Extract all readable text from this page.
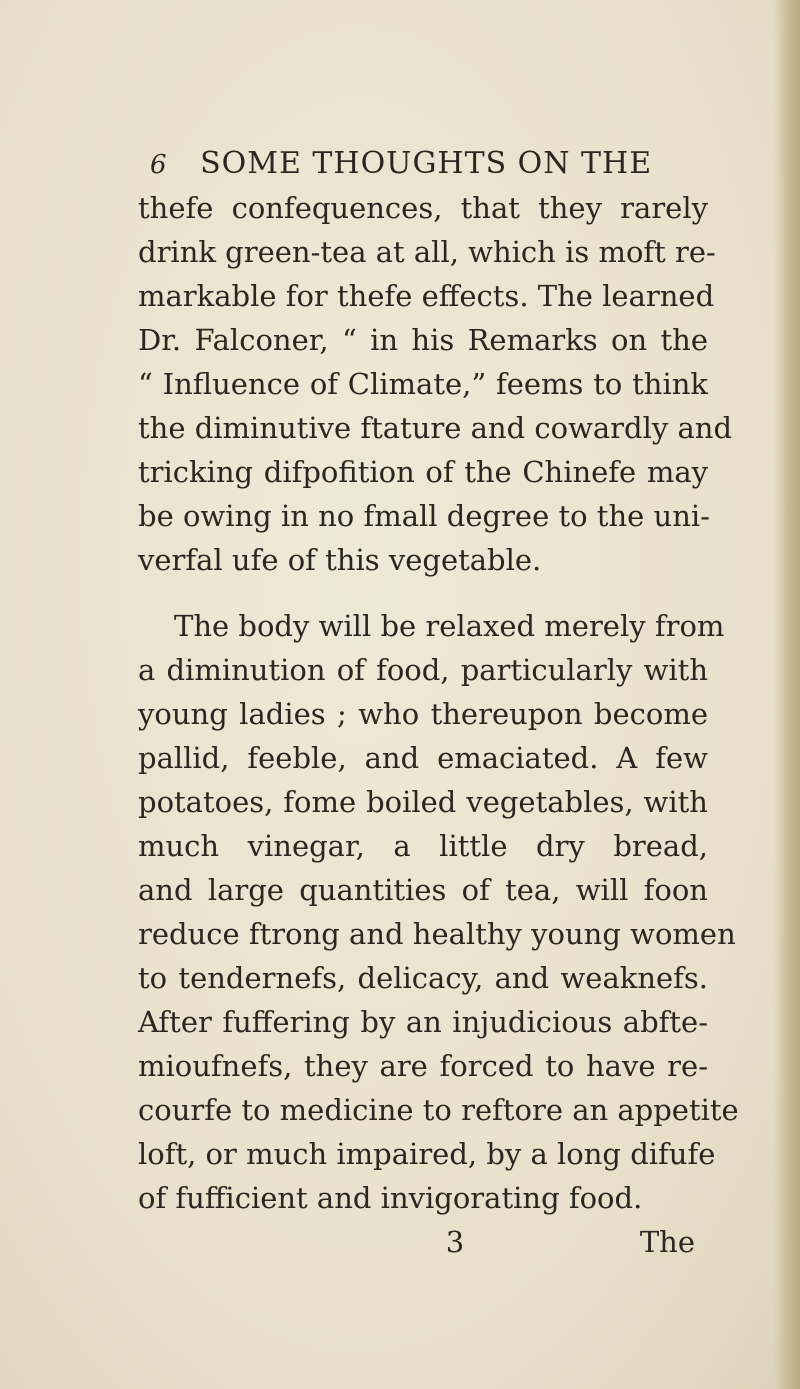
6 SOME THOUGHTS ON THE
thefe confequences, that they rarely
drink green-tea at all, which is moft re-
markable for thefe effects. The learned
Dr. Falconer, “ in his Remarks on the
“ Influence of Climate,” feems to think
the diminutive ftature and cowardly and
tricking difpofition of the Chinefe may
be owing in no fmall degree to the uni-
verfal ufe of this vegetable.
The body will be relaxed merely from
a diminution of food, particularly with
young ladies ; who thereupon become
pallid, feeble, and emaciated. A few
potatoes, fome boiled vegetables, with
much vinegar, a little dry bread,
and large quantities of tea, will foon
reduce ftrong and healthy young women
to tendernefs, delicacy, and weaknefs.
After fuffering by an injudicious abfte-
mioufnefs, they are forced to have re-
courfe to medicine to reftore an appetite
loft, or much impaired, by a long difufe
of fufficient and invigorating food.
3	The
